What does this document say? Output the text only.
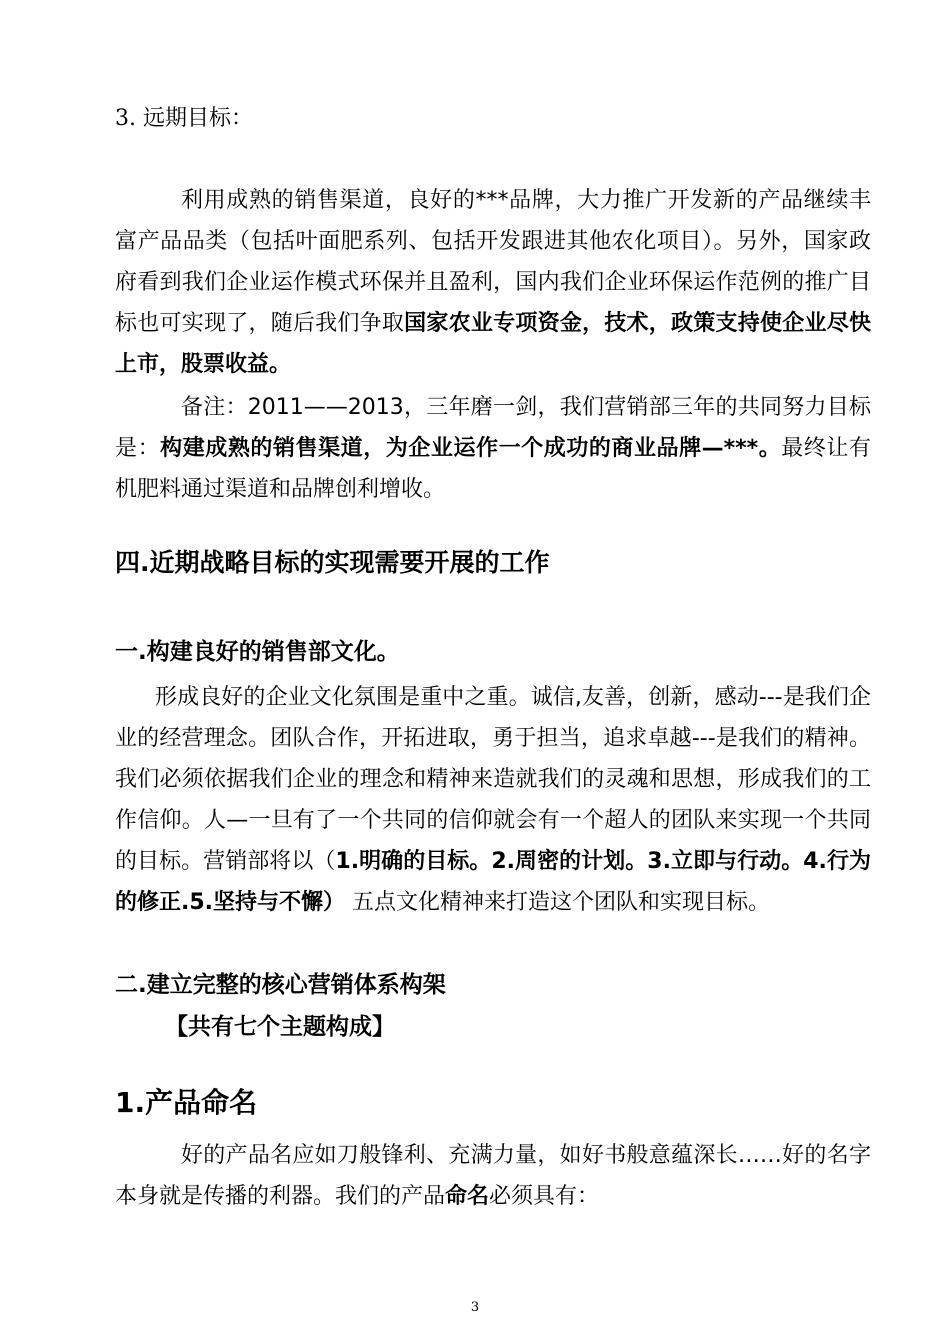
3. 远期目标：
利用成熟的销售渠道，良好的***品牌，大力推广开发新的产品继续丰富产品品类（包括叶面肥系列、包括开发跟进其他农化项目）。另外，国家政府看到我们企业运作模式环保并且盈利，国内我们企业环保运作范例的推广目标也可实现了，随后我们争取国家农业专项资金，技术，政策支持使企业尽快上市，股票收益。
备注：2011——2013，三年磨一剑，我们营销部三年的共同努力目标是：构建成熟的销售渠道，为企业运作一个成功的商业品牌—***。最终让有机肥料通过渠道和品牌创利增收。
四.近期战略目标的实现需要开展的工作
一.构建良好的销售部文化。
形成良好的企业文化氛围是重中之重。诚信,友善，创新，感动---是我们企业的经营理念。团队合作，开拓进取，勇于担当，追求卓越---是我们的精神。我们必须依据我们企业的理念和精神来造就我们的灵魂和思想，形成我们的工作信仰。人—一旦有了一个共同的信仰就会有一个超人的团队来实现一个共同的目标。营销部将以（1.明确的目标。2.周密的计划。3.立即与行动。4.行为的修正.5.坚持与不懈） 五点文化精神来打造这个团队和实现目标。
二.建立完整的核心营销体系构架
【共有七个主题构成】
1.产品命名
好的产品名应如刀般锋利、充满力量，如好书般意蕴深长……好的名字本身就是传播的利器。我们的产品命名必须具有：
3
